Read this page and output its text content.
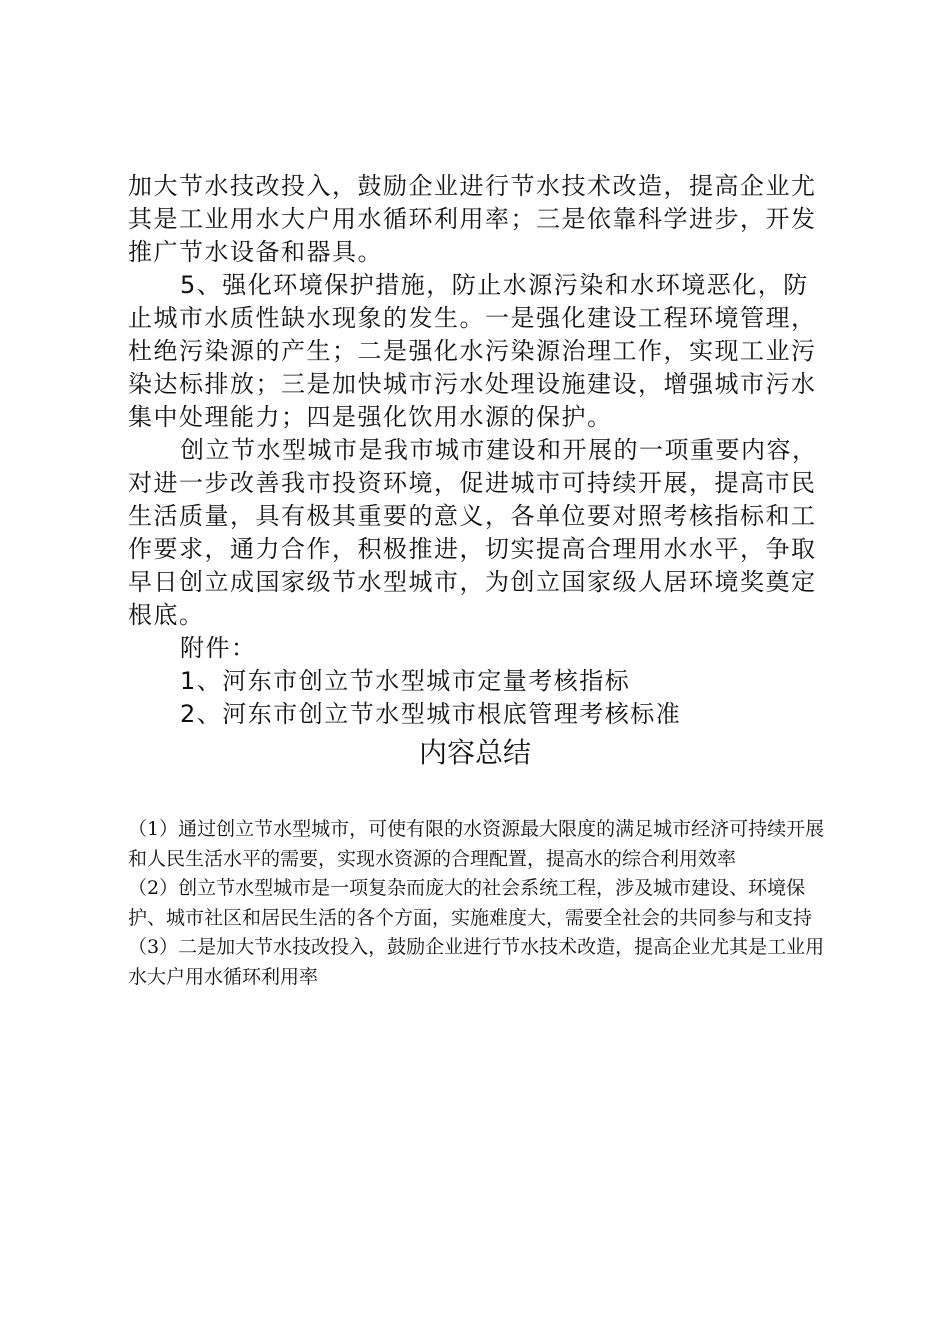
加大节水技改投入，鼓励企业进行节水技术改造，提高企业尤其是工业用水大户用水循环利用率；三是依靠科学进步，开发推广节水设备和器具。

5、强化环境保护措施，防止水源污染和水环境恶化，防止城市水质性缺水现象的发生。一是强化建设工程环境管理，杜绝污染源的产生；二是强化水污染源治理工作，实现工业污染达标排放；三是加快城市污水处理设施建设，增强城市污水集中处理能力；四是强化饮用水源的保护。

创立节水型城市是我市城市建设和开展的一项重要内容，对进一步改善我市投资环境，促进城市可持续开展，提高市民生活质量，具有极其重要的意义，各单位要对照考核指标和工作要求，通力合作，积极推进，切实提高合理用水水平，争取早日创立成国家级节水型城市，为创立国家级人居环境奖奠定根底。

附件：

1、河东市创立节水型城市定量考核指标

2、河东市创立节水型城市根底管理考核标准

内容总结

（1）通过创立节水型城市，可使有限的水资源最大限度的满足城市经济可持续开展和人民生活水平的需要，实现水资源的合理配置，提高水的综合利用效率

（2）创立节水型城市是一项复杂而庞大的社会系统工程，涉及城市建设、环境保护、城市社区和居民生活的各个方面，实施难度大，需要全社会的共同参与和支持

（3）二是加大节水技改投入，鼓励企业进行节水技术改造，提高企业尤其是工业用水大户用水循环利用率
